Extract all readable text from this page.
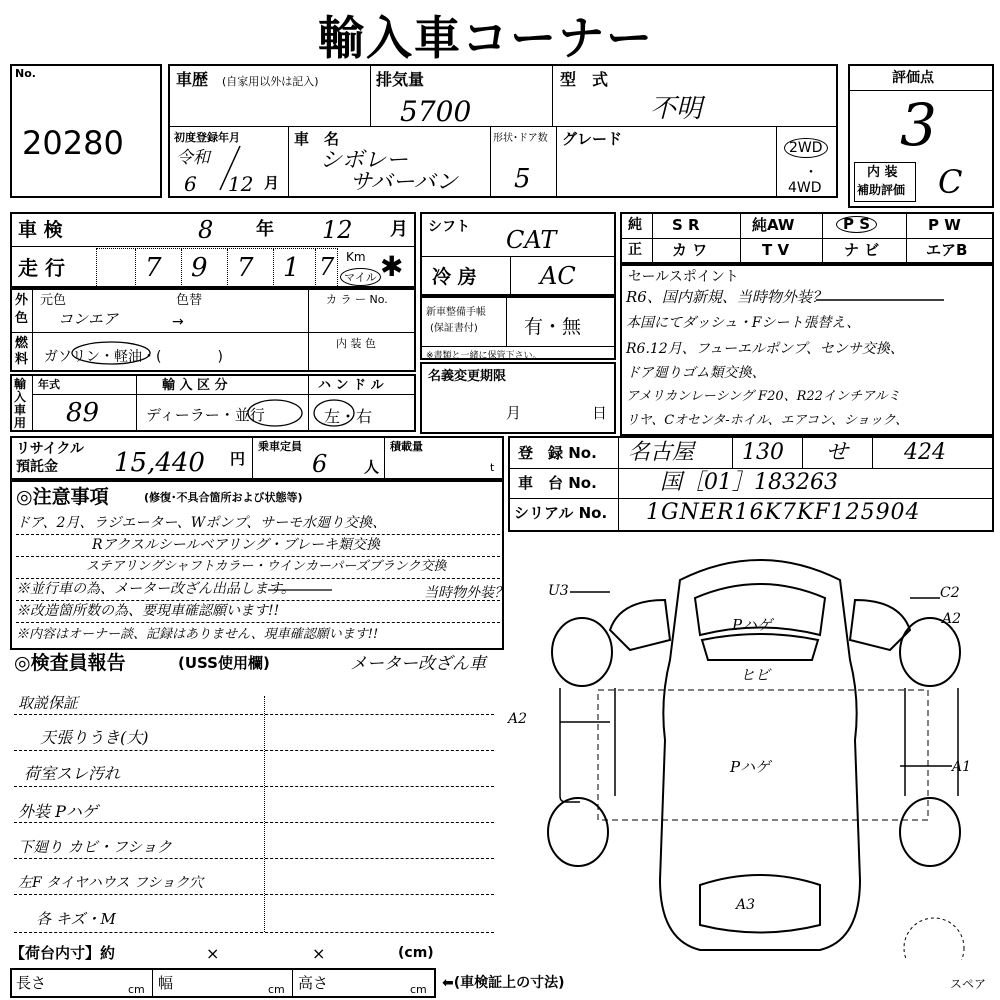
輸入車コーナー
No.
20280
車歴 (自家用以外は記入)	排気量
5700
型　式
不明
初度登録年月
令和
6 12 月
車　名
シボレー
サバーバン
形状･ドア数
5
グレード	2WD
・
4WD
評価点
3
内 装
補助評価 C
車 検	8 年 12 月
走 行	7 9 7 1 7 Km
マイル ✱
シフト CAT
冷 房	AC
純 S R	純AW	P S	P W
正 カ ワ	T V	ナ ビ	エアB
外
色
元色	色替
コンエア	→
カ ラ ー No.
燃
料 ガソリン・軽油・(　　　　)
内 装 色
新車整備手帳
(保証書付) 有・無
※書類と一緒に保管下さい。
セールスポイント
R6、国内新規、当時物外装？
本国にてダッシュ・Fシート張替え、
R6.12月、フューエルポンプ、センサ交換、
ドア廻りゴム類交換、
アメリカンレーシング F20、R22インチアルミ
リヤ、Cオセンタ-ホイル、エアコン、ショック、
輸入車用
年式
89
輸 入 区 分
ディーラー・並行
ハ ン ド ル
左・右
名義変更期限
月	日
リサイクル
預託金 15,440 円
乗車定員
6 人
積載量
t
登　録 No. 名古屋 130 せ	424
車　台 No.	国［01］183263
シリアル No. 1GNER16K7KF125904
◎注意事項	(修復･不具合箇所および状態等)
ドア、2月、ラジエーター、Wポンプ、サーモ水廻り交換、
Rアクスルシールベアリング・ブレーキ類交換
ステアリングシャフトカラー・ウインカーパーズブランク交換
※並行車の為、メーター改ざん出品します。
※改造箇所数の為、要現車確認願います!!
※内容はオーナー談、記録はありません、現車確認願います!!
当時物外装？
◎検査員報告	(USS使用欄)	メーター改ざん車
取説保証
天張りうき(大)
荷室スレ汚れ
外装 Pハゲ
下廻り カビ・フショク
左F タイヤハウス フショク穴
各 キズ・M
【荷台内寸】約	×	×	(cm)
長さ	cm 幅	cm 高さ	cm ⬅(車検証上の寸法)
U3	C2
A2
A2
A1
A3
Pハゲ
ヒビ
Pハゲ
スペア
